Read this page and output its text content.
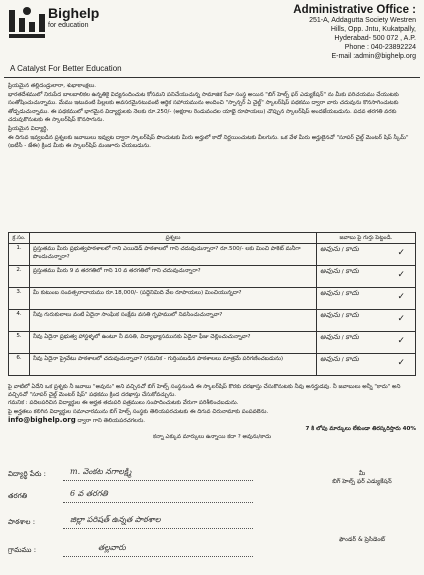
Bighelp
for education
A Catalyst For Better Education
Administrative Office :
251-A, Addagutta Society Westren
Hills, Opp. Jntu, Kukatpally,
Hyderabad- 500 072 , A.P.
Phone : 040-23892224
E-mail :admin@bighelp.org

ప్రియమైన తల్లిదండ్రులారా, శుభాకాంక్షలు.

భారతదేశములో నిరుపేద బాలబాలికల ఉన్నతికై విద్యనందించుట కోసమని పనిచేయుచున్న సామాజిక సేవా సంస్థ అయిన "బిగ్ హెల్ప్ ఫర్ ఎడ్యుకేషన్" ను మీకు పరిచయము చేయుటకు సంతోషించుచున్నాము. మేము ఇటువంటి పిల్లలకు అవసరమైనటువంటి ఆర్థిక సహాయమును అందించి "స్పాన్సర్ ఏ చైల్డ్" స్కాలర్‌షిప్ పథకము ద్వారా వారు చదువును కొనసాగించుటకు తోడ్పడుచున్నాము. ఈ పథకములో భాగమైన విద్యార్థులకు నెలకు రూ.250/- (అక్షరాల రెండువందల యాభై రూపాయలు) చొప్పున స్కాలర్‌షిప్ అందజేయబడును. పదవ తరగతి వరకు చదువుకొనుటకు ఈ స్కాలర్‌షిప్ కొనసాగును.

ప్రియమైన విద్యార్థి,

ఈ దిగువ ఇవ్వబడిన ప్రశ్నలకు జవాబులు ఇవ్వుట ద్వారా స్కాలర్‌షిప్ పొందుటకు మీరు అర్హులో కాదో నిర్ణయించుటకు వీలగును. ఒక వేళ మీరు అర్హులైనచో "సూపర్ చైల్డ్ మెంటర్ షిప్ స్కీమ్" (ఐటీసీ - జేఈ) క్రింద మీకు ఈ స్కాలర్‌షిప్ మంజూరు చేయబడును.

క్ర.సం.	ప్రశ్నలు	జవాబు పై గుర్తు పెట్టండి.
1.	ప్రస్తుతము మీరు ప్రభుత్వపాఠశాలలో గాని ఎయిడెడ్ పాఠశాలలో గాని చదువుచున్నారా? రూ.500/- లకు మించి పాకెట్ మనీగా పొందుచున్నారా?	అవును / కాదు ✓

2.	ప్రస్తుతము మీరు 9 వ తరగతిలో గాని 10 వ తరగతిలో గాని చదువుచున్నారా?	అవును / కాదు ✓

3.	మీ కుటుంబ సంవత్సరాదాయము రూ.18,000/- (పద్దెనిమిది వేల రూపాయలు) మించియున్నదా?	అవును / కాదు ✓

4.	నీవు గురుకులాలు వంటి ఏదైనా సాంఘిక సంక్షేమ వసతి గృహములో నివసించుచున్నావా?	అవును / కాదు ✓

5.	నీవు ఏదైనా ప్రభుత్వ హాస్టళ్ళలో ఉంటూ నీ వసతి, విద్యాభ్యాసమునకు ఏదైనా ఫీజు చెల్లించుచున్నావా?	అవును / కాదు ✓

6.	నీవు ఏదైనా ప్రైవేటు పాఠశాలలో చదువుచున్నావా? (గమనిక - గుర్తింపబడిన పాఠశాలలు మాత్రమే పరిగణించబడును)	అవును / కాదు ✓

పై వాటిలో ఏదేని ఒక ప్రశ్నకు నీ జవాబు "అవును" అని వచ్చినచో బిగ్ హెల్ప్ సంస్థనుండి ఈ స్కాలర్‌షిప్ కొరకు దరఖాస్తు చేసుకొనుటకు నీవు అనర్హుడవు. నీ జవాబులు అన్నీ "కాదు" అని వచ్చినచో "సూపర్ చైల్డ్ మెంటర్ షిప్" పథకము క్రింద దరఖాస్తు చేసుకోవచ్చును.

గమనిక : పదిలపరిచిన విద్యార్థుల ఈ అర్హత తదుపరి పత్రములు సంపాదించుటకు వేరుగా పరిశీలించబడును.

పై అర్హతలు కలిగిన విద్యార్థుల సమాచారమును బిగ్ హెల్ప్ సంస్థకు తెలియపరచుటకు ఈ దిగువ చిరునామాకు పంపవలెను.

info@bighelp.org ద్వారా గాని తెలియపరచగలరు.

7 కి లోపు మార్కులు లేకుండా తిరస్కరిస్తారు 40%

కన్నా ఎక్కువ మార్కులు ఉన్నాయి కదా ? అవును/కాదు

విద్యార్థి పేరు :	m. వెంకట నగాలక్ష్మి
తరగతి	6 వ తరగతి
పాఠశాల :	జిల్లా పరిషత్ ఉన్నత పాఠశాల
గ్రామము :	తల్లవారు
మీ
బిగ్ హెల్ప్ ఫర్ ఎడ్యుకేషన్
ఫౌండర్ & ప్రెసిడెంట్
